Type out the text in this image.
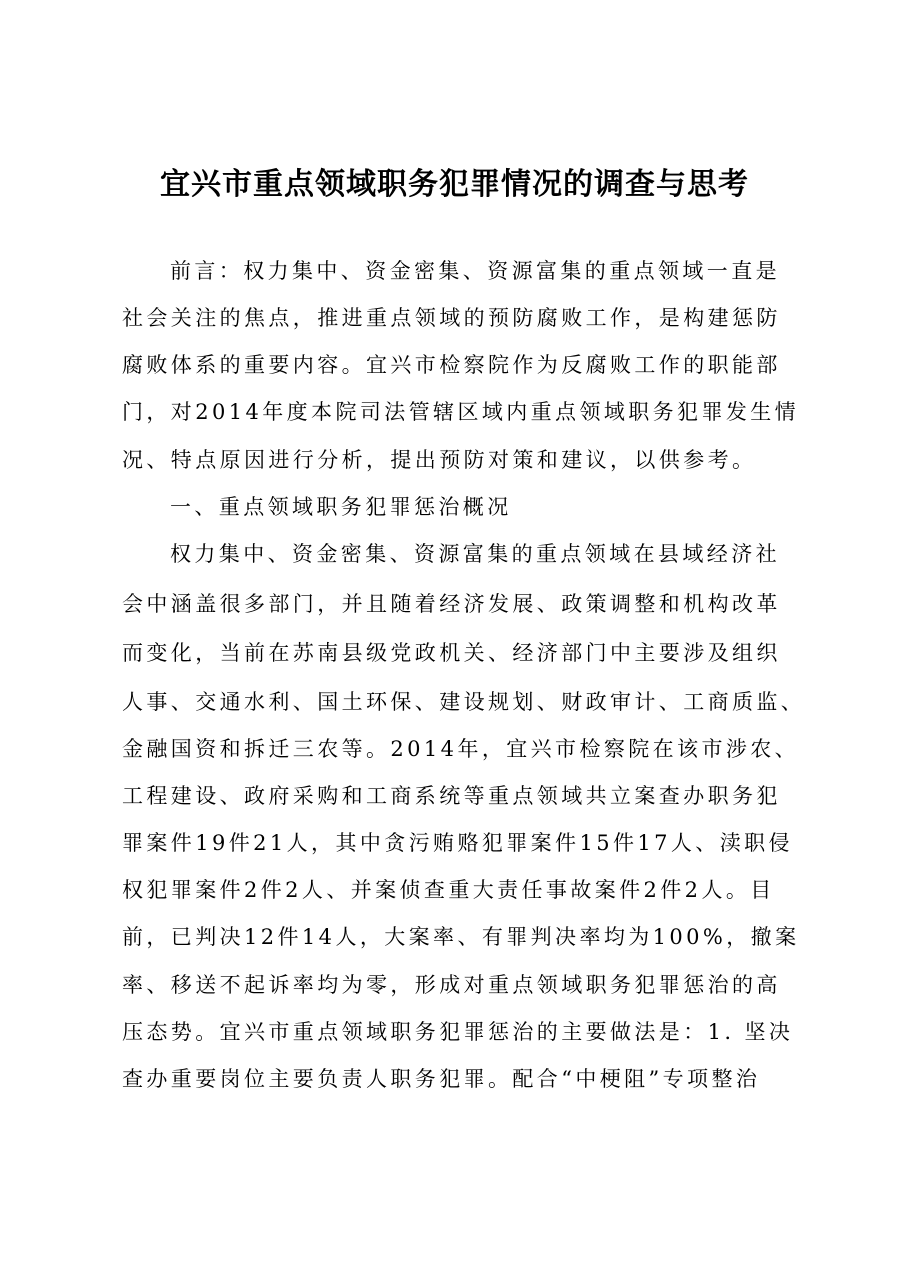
宜兴市重点领域职务犯罪情况的调查与思考
前言：权力集中、资金密集、资源富集的重点领域一直是
社会关注的焦点，推进重点领域的预防腐败工作，是构建惩防
腐败体系的重要内容。宜兴市检察院作为反腐败工作的职能部
门，对2014年度本院司法管辖区域内重点领域职务犯罪发生情
况、特点原因进行分析，提出预防对策和建议，以供参考。
一、重点领域职务犯罪惩治概况
权力集中、资金密集、资源富集的重点领域在县域经济社
会中涵盖很多部门，并且随着经济发展、政策调整和机构改革
而变化，当前在苏南县级党政机关、经济部门中主要涉及组织
人事、交通水利、国土环保、建设规划、财政审计、工商质监、
金融国资和拆迁三农等。2014年，宜兴市检察院在该市涉农、
工程建设、政府采购和工商系统等重点领域共立案查办职务犯
罪案件19件21人，其中贪污贿赂犯罪案件15件17人、渎职侵
权犯罪案件2件2人、并案侦查重大责任事故案件2件2人。目
前，已判决12件14人，大案率、有罪判决率均为100%，撤案
率、移送不起诉率均为零，形成对重点领域职务犯罪惩治的高
压态势。宜兴市重点领域职务犯罪惩治的主要做法是：1. 坚决
查办重要岗位主要负责人职务犯罪。配合“中梗阻”专项整治
